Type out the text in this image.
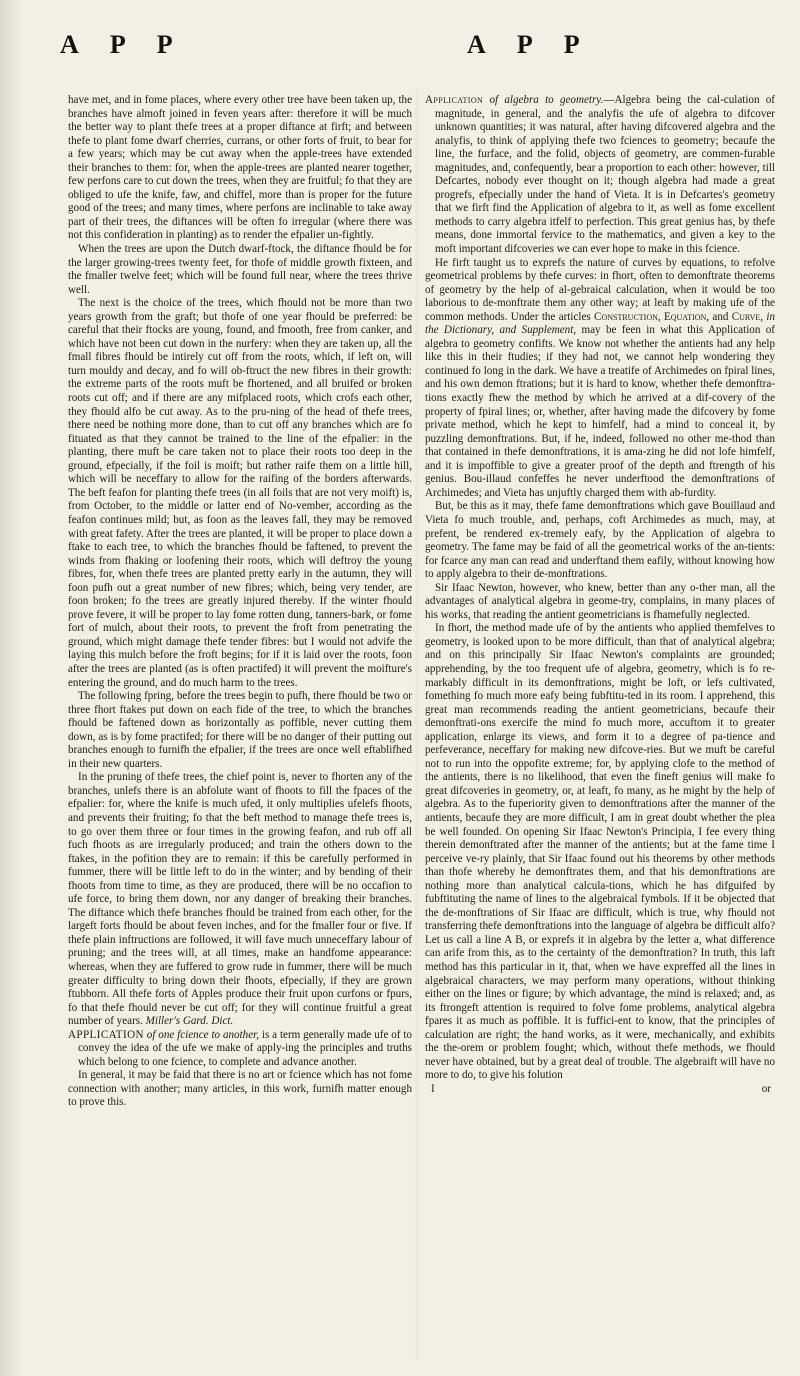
A P P	A P P

have met, and in fome places, where every other tree have been taken up, the branches have almoft joined in feven years after: therefore it will be much the better way to plant thefe trees at a proper diftance at firft; and between thefe to plant fome dwarf cherries, currans, or other forts of fruit, to bear for a few years; which may be cut away when the apple-trees have extended their branches to them: for, when the apple-trees are planted nearer together, few perfons care to cut down the trees, when they are fruitful; fo that they are obliged to ufe the knife, faw, and chiffel, more than is proper for the future good of the trees; and many times, where perfons are inclinable to take away part of their trees, the diftances will be often fo irregular (where there was not this confideration in planting) as to render the efpalier un-fightly.

When the trees are upon the Dutch dwarf-ftock, the diftance fhould be for the larger growing-trees twenty feet, for thofe of middle growth fixteen, and the fmaller twelve feet; which will be found full near, where the trees thrive well.

The next is the choice of the trees, which fhould not be more than two years growth from the graft; but thofe of one year fhould be preferred: be careful that their ftocks are young, found, and fmooth, free from canker, and which have not been cut down in the nurfery: when they are taken up, all the fmall fibres fhould be intirely cut off from the roots, which, if left on, will turn mouldy and decay, and fo will ob-ftruct the new fibres in their growth: the extreme parts of the roots muft be fhortened, and all bruifed or broken roots cut off; and if there are any mifplaced roots, which crofs each other, they fhould alfo be cut away. As to the pru-ning of the head of thefe trees, there need be nothing more done, than to cut off any branches which are fo fituated as that they cannot be trained to the line of the efpalier: in the planting, there muft be care taken not to place their roots too deep in the ground, efpecially, if the foil is moift; but rather raife them on a little hill, which will be neceffary to allow for the raifing of the borders afterwards. The beft feafon for planting thefe trees (in all foils that are not very moift) is, from October, to the middle or latter end of No-vember, according as the feafon continues mild; but, as foon as the leaves fall, they may be removed with great fafety. After the trees are planted, it will be proper to place down a ftake to each tree, to which the branches fhould be faftened, to prevent the winds from fhaking or loofening their roots, which will deftroy the young fibres, for, when thefe trees are planted pretty early in the autumn, they will foon pufh out a great number of new fibres; which, being very tender, are foon broken; fo the trees are greatly injured thereby. If the winter fhould prove fevere, it will be proper to lay fome rotten dung, tanners-bark, or fome fort of mulch, about their roots, to prevent the froft from penetrating the ground, which might damage thefe tender fibres: but I would not advife the laying this mulch before the froft begins; for if it is laid over the roots, foon after the trees are planted (as is often practifed) it will prevent the moifture's entering the ground, and do much harm to the trees.

The following fpring, before the trees begin to pufh, there fhould be two or three fhort ftakes put down on each fide of the tree, to which the branches fhould be faftened down as horizontally as poffible, never cutting them down, as is by fome practifed; for there will be no danger of their putting out branches enough to furnifh the efpalier, if the trees are once well eftablifhed in their new quarters.

In the pruning of thefe trees, the chief point is, never to fhorten any of the branches, unlefs there is an abfolute want of fhoots to fill the fpaces of the efpalier: for, where the knife is much ufed, it only multiplies ufelefs fhoots, and prevents their fruiting; fo that the beft method to manage thefe trees is, to go over them three or four times in the growing feafon, and rub off all fuch fhoots as are irregularly produced; and train the others down to the ftakes, in the pofition they are to remain: if this be carefully performed in fummer, there will be little left to do in the winter; and by bending of their fhoots from time to time, as they are produced, there will be no occafion to ufe force, to bring them down, nor any danger of breaking their branches. The diftance which thefe branches fhould be trained from each other, for the largeft forts fhould be about feven inches, and for the fmaller four or five. If thefe plain inftructions are followed, it will fave much unneceffary labour of pruning; and the trees will, at all times, make an handfome appearance: whereas, when they are fuffered to grow rude in fummer, there will be much greater difficulty to bring down their fhoots, efpecially, if they are grown ftubborn. All thefe forts of Apples produce their fruit upon curfons or fpurs, fo that thefe fhould never be cut off; for they will continue fruitful a great number of years. Miller's Gard. Dict.

APPLICATION of one fcience to another, is a term generally made ufe of to convey the idea of the ufe we make of apply-ing the principles and truths which belong to one fcience, to complete and advance another.

In general, it may be faid that there is no art or fcience which has not fome connection with another; many articles, in this work, furnifh matter enough to prove this.

Application of algebra to geometry.—Algebra being the cal-culation of magnitude, in general, and the analyfis the ufe of algebra to difcover unknown quantities; it was natural, after having difcovered algebra and the analyfis, to think of applying thefe two fciences to geometry; becaufe the line, the furface, and the folid, objects of geometry, are commen-furable magnitudes, and, confequently, bear a proportion to each other: however, till Defcartes, nobody ever thought on it; though algebra had made a great progrefs, efpecially under the hand of Vieta. It is in Defcartes's geometry that we firft find the Application of algebra to it, as well as fome excellent methods to carry algebra itfelf to perfection. This great genius has, by thefe means, done immortal fervice to the mathematics, and given a key to the moft important difcoveries we can ever hope to make in this fcience.

He firft taught us to exprefs the nature of curves by equations, to refolve geometrical problems by thefe curves: in fhort, often to demonftrate theorems of geometry by the help of al-gebraical calculation, when it would be too laborious to de-monftrate them any other way; at leaft by making ufe of the common methods. Under the articles Construction, Equation, and Curve, in the Dictionary, and Supplement, may be feen in what this Application of algebra to geometry confifts. We know not whether the antients had any help like this in their ftudies; if they had not, we cannot help wondering they continued fo long in the dark. We have a treatife of Archimedes on fpiral lines, and his own demon ftrations; but it is hard to know, whether thefe demonftra-tions exactly fhew the method by which he arrived at a dif-covery of the property of fpiral lines; or, whether, after having made the difcovery by fome private method, which he kept to himfelf, had a mind to conceal it, by puzzling demonftrations. But, if he, indeed, followed no other me-thod than that contained in thefe demonftrations, it is ama-zing he did not lofe himfelf, and it is impoffible to give a greater proof of the depth and ftrength of his genius. Bou-illaud confeffes he never underftood the demonftrations of Archimedes; and Vieta has unjuftly charged them with ab-furdity.

But, be this as it may, thefe fame demonftrations which gave Bouillaud and Vieta fo much trouble, and, perhaps, coft Archimedes as much, may, at prefent, be rendered ex-tremely eafy, by the Application of algebra to geometry. The fame may be faid of all the geometrical works of the an-tients: for fcarce any man can read and underftand them eafily, without knowing how to apply algebra to their de-monftrations.

Sir Ifaac Newton, however, who knew, better than any o-ther man, all the advantages of analytical algebra in geome-try, complains, in many places of his works, that reading the antient geometricians is fhamefully neglected.

In fhort, the method made ufe of by the antients who applied themfelves to geometry, is looked upon to be more difficult, than that of analytical algebra; and on this principally Sir Ifaac Newton's complaints are grounded; apprehending, by the too frequent ufe of algebra, geometry, which is fo re-markably difficult in its demonftrations, might be loft, or lefs cultivated, fomething fo much more eafy being fubftitu-ted in its room. I apprehend, this great man recommends reading the antient geometricians, becaufe their demonftrati-ons exercife the mind fo much more, accuftom it to greater application, enlarge its views, and form it to a degree of pa-tience and perfeverance, neceffary for making new difcove-ries. But we muft be careful not to run into the oppofite extreme; for, by applying clofe to the method of the antients, there is no likelihood, that even the fineft genius will make fo great difcoveries in geometry, or, at leaft, fo many, as he might by the help of algebra. As to the fuperiority given to demonftrations after the manner of the antients, becaufe they are more difficult, I am in great doubt whether the plea be well founded. On opening Sir Ifaac Newton's Principia, I fee every thing therein demonftrated after the manner of the antients; but at the fame time I perceive ve-ry plainly, that Sir Ifaac found out his theorems by other methods than thofe whereby he demonftrates them, and that his demonftrations are nothing more than analytical calcula-tions, which he has difguifed by fubftituting the name of lines to the algebraical fymbols. If it be objected that the de-monftrations of Sir Ifaac are difficult, which is true, why fhould not transferring thefe demonftrations into the language of algebra be difficult alfo? Let us call a line A B, or exprefs it in algebra by the letter a, what difference can arife from this, as to the certainty of the demonftration? In truth, this laft method has this particular in it, that, when we have expreffed all the lines in algebraical characters, we may perform many operations, without thinking either on the lines or figure; by which advantage, the mind is relaxed; and, as its ftrongeft attention is required to folve fome problems, analytical algebra fpares it as much as poffible. It is fuffici-ent to know, that the principles of calculation are right; the hand works, as it were, mechanically, and exhibits the the-orem or problem fought; which, without thefe methods, we fhould never have obtained, but by a great deal of trouble. The algebraift will have no more to do, to give his folution

I	or
